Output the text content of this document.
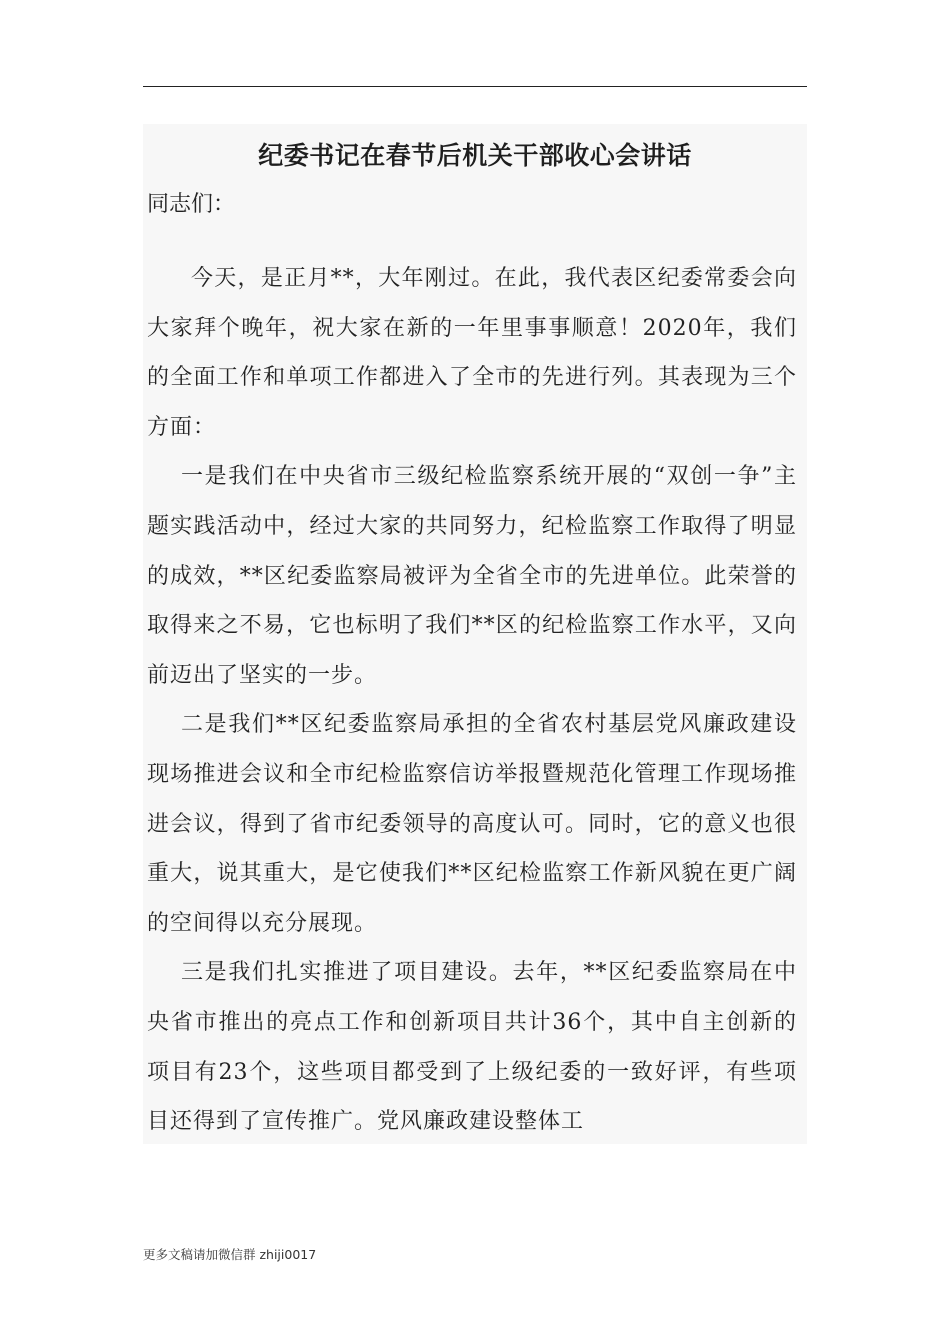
纪委书记在春节后机关干部收心会讲话

同志们：

今天，是正月**，大年刚过。在此，我代表区纪委常委会向大家拜个晚年，祝大家在新的一年里事事顺意！2020年，我们的全面工作和单项工作都进入了全市的先进行列。其表现为三个方面：

一是我们在中央省市三级纪检监察系统开展的“双创一争”主题实践活动中，经过大家的共同努力，纪检监察工作取得了明显的成效，**区纪委监察局被评为全省全市的先进单位。此荣誉的取得来之不易，它也标明了我们**区的纪检监察工作水平，又向前迈出了坚实的一步。

二是我们**区纪委监察局承担的全省农村基层党风廉政建设现场推进会议和全市纪检监察信访举报暨规范化管理工作现场推进会议，得到了省市纪委领导的高度认可。同时，它的意义也很重大，说其重大，是它使我们**区纪检监察工作新风貌在更广阔的空间得以充分展现。

三是我们扎实推进了项目建设。去年，**区纪委监察局在中央省市推出的亮点工作和创新项目共计36个，其中自主创新的项目有23个，这些项目都受到了上级纪委的一致好评，有些项目还得到了宣传推广。党风廉政建设整体工

更多文稿请加微信群 zhiji0017
